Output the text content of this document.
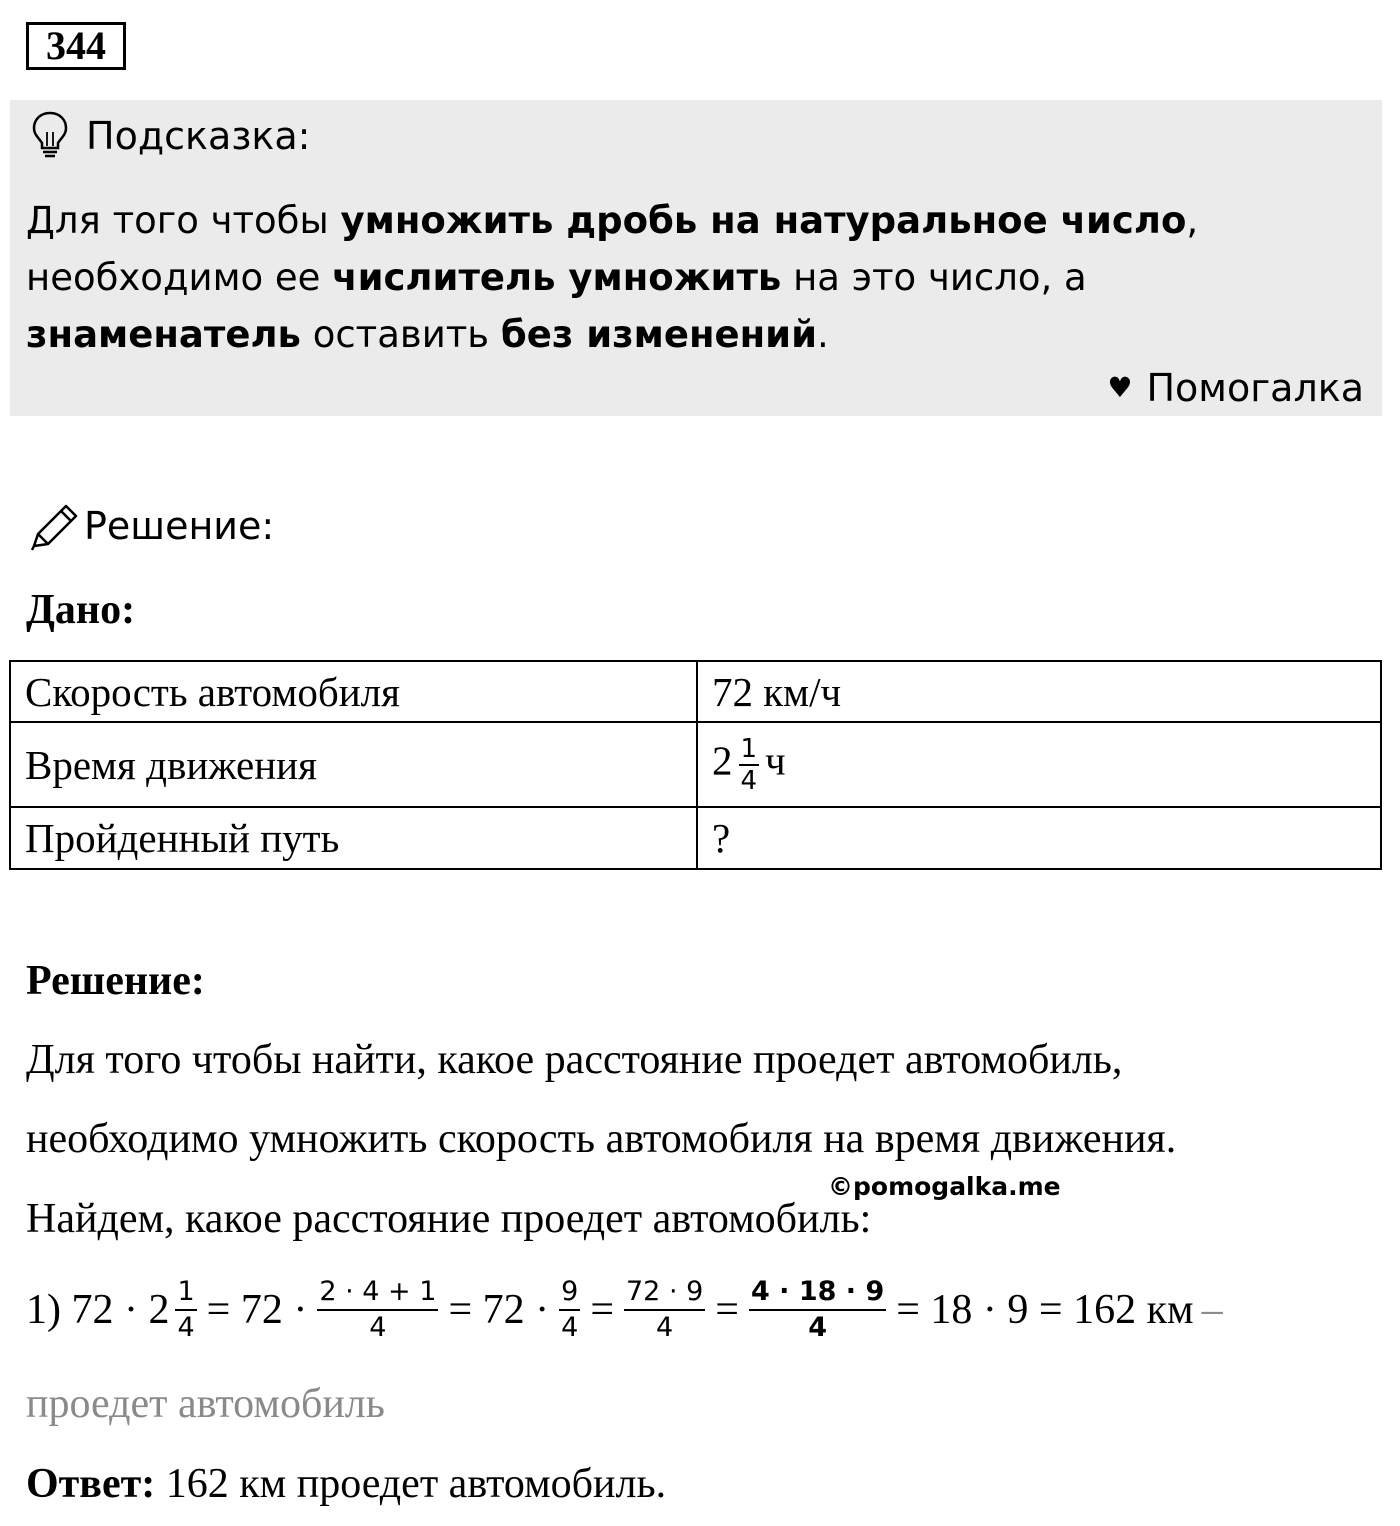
344
Подсказка:
Для того чтобы умножить дробь на натуральное число, необходимо ее числитель умножить на это число, а знаменатель оставить без изменений.
♥ Помогалка
Решение:
Дано:
Скорость автомобиля	72 км/ч
Время движения	$2 \frac{1}{4}$ ч
Пройденный путь	?
Решение:
Для того чтобы найти, какое расстояние проедет автомобиль,
необходимо умножить скорость автомобиля на время движения.
©pomogalka.me
Найдем, какое расстояние проедет автомобиль:
1) $72 \cdot 2 \frac{1}{4} = 72 \cdot \frac{2 \cdot 4 + 1}{4} = 72 \cdot \frac{9}{4} = \frac{72 \cdot 9}{4} = \frac{4 \cdot 18 \cdot 9}{4} = 18 \cdot 9 = 162$ км –
проедет автомобиль
Ответ: 162 км проедет автомобиль.
